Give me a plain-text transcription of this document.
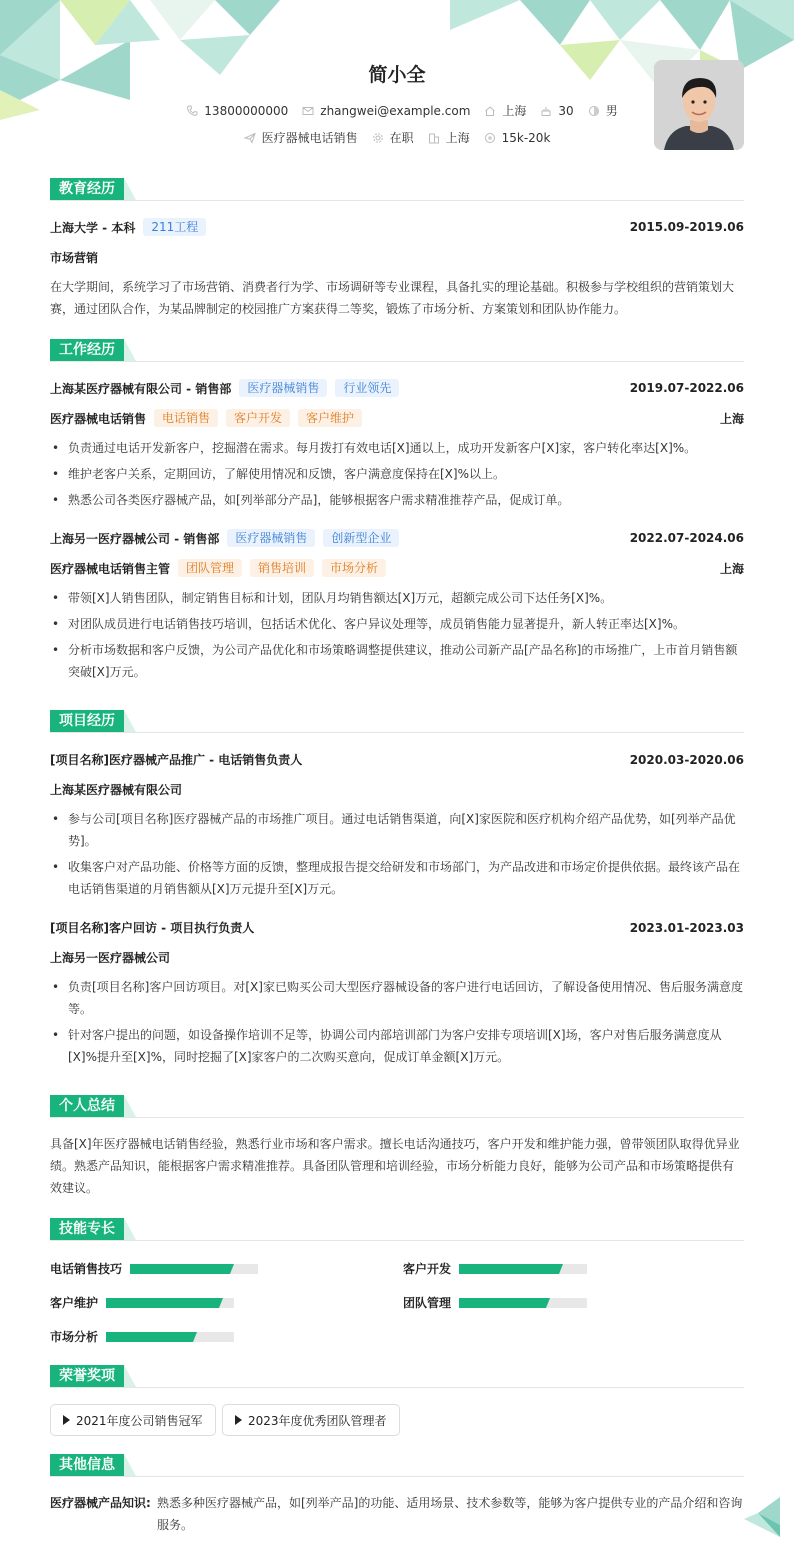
简小全
13800000000	zhangwei@example.com	上海	30	男
医疗器械电话销售	在职	上海	15k-20k
教育经历
上海大学 - 本科	211工程	2015.09-2019.06
市场营销
在大学期间，系统学习了市场营销、消费者行为学、市场调研等专业课程，具备扎实的理论基础。积极参与学校组织的营销策划大赛，通过团队合作，为某品牌制定的校园推广方案获得二等奖，锻炼了市场分析、方案策划和团队协作能力。
工作经历
上海某医疗器械有限公司 - 销售部	医疗器械销售	行业领先	2019.07-2022.06
医疗器械电话销售	电话销售	客户开发	客户维护	上海
• 负责通过电话开发新客户，挖掘潜在需求。每月拨打有效电话[X]通以上，成功开发新客户[X]家，客户转化率达[X]%。
• 维护老客户关系，定期回访，了解使用情况和反馈，客户满意度保持在[X]%以上。
• 熟悉公司各类医疗器械产品，如[列举部分产品]，能够根据客户需求精准推荐产品，促成订单。
上海另一医疗器械公司 - 销售部	医疗器械销售	创新型企业	2022.07-2024.06
医疗器械电话销售主管	团队管理	销售培训	市场分析	上海
• 带领[X]人销售团队，制定销售目标和计划，团队月均销售额达[X]万元，超额完成公司下达任务[X]%。
• 对团队成员进行电话销售技巧培训，包括话术优化、客户异议处理等，成员销售能力显著提升，新人转正率达[X]%。
• 分析市场数据和客户反馈，为公司产品优化和市场策略调整提供建议，推动公司新产品[产品名称]的市场推广，上市首月销售额突破[X]万元。
项目经历
[项目名称]医疗器械产品推广 - 电话销售负责人	2020.03-2020.06
上海某医疗器械有限公司
• 参与公司[项目名称]医疗器械产品的市场推广项目。通过电话销售渠道，向[X]家医院和医疗机构介绍产品优势，如[列举产品优势]。
• 收集客户对产品功能、价格等方面的反馈，整理成报告提交给研发和市场部门，为产品改进和市场定价提供依据。最终该产品在电话销售渠道的月销售额从[X]万元提升至[X]万元。
[项目名称]客户回访 - 项目执行负责人	2023.01-2023.03
上海另一医疗器械公司
• 负责[项目名称]客户回访项目。对[X]家已购买公司大型医疗器械设备的客户进行电话回访，了解设备使用情况、售后服务满意度等。
• 针对客户提出的问题，如设备操作培训不足等，协调公司内部培训部门为客户安排专项培训[X]场，客户对售后服务满意度从[X]%提升至[X]%，同时挖掘了[X]家客户的二次购买意向，促成订单金额[X]万元。
个人总结
具备[X]年医疗器械电话销售经验，熟悉行业市场和客户需求。擅长电话沟通技巧，客户开发和维护能力强，曾带领团队取得优异业绩。熟悉产品知识，能根据客户需求精准推荐。具备团队管理和培训经验，市场分析能力良好，能够为公司产品和市场策略提供有效建议。
技能专长
电话销售技巧	客户开发
客户维护	团队管理
市场分析
荣誉奖项
2021年度公司销售冠军	2023年度优秀团队管理者
其他信息
医疗器械产品知识: 熟悉多种医疗器械产品，如[列举产品]的功能、适用场景、技术参数等，能够为客户提供专业的产品介绍和咨询服务。
